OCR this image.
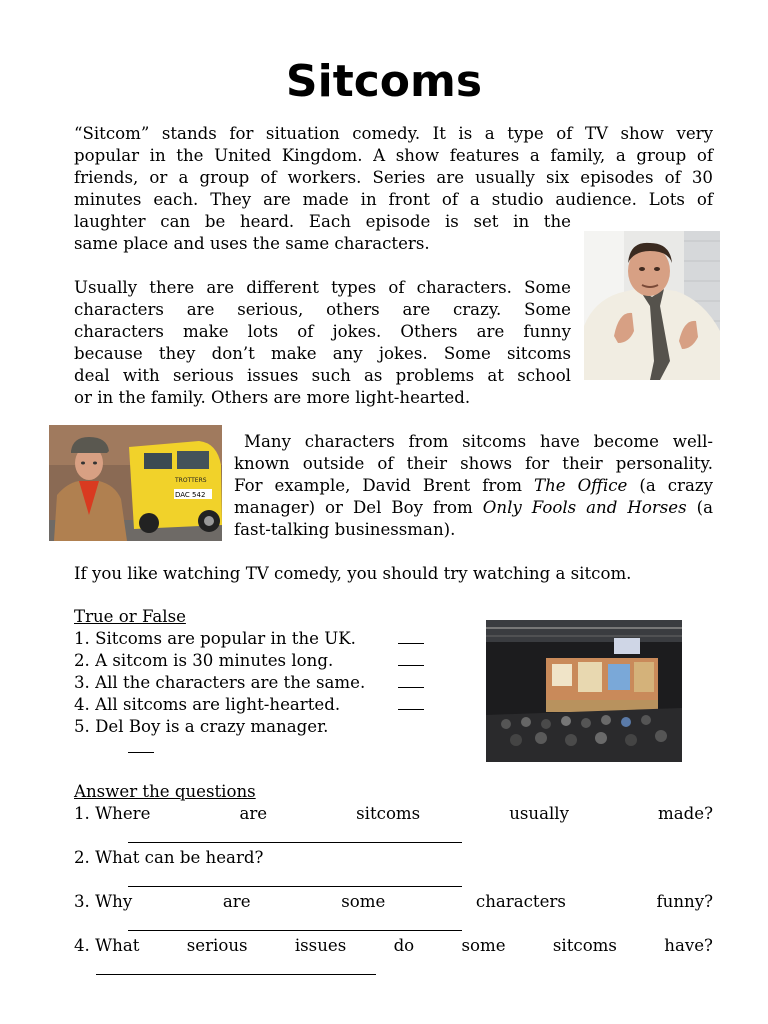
Sitcoms

“Sitcom” stands for situation comedy. It is a type of TV show very

popular in the United Kingdom. A show features a family, a group of

friends, or a group of workers. Series are usually six episodes of 30

minutes each. They are made in front of a studio audience. Lots of

laughter can be heard. Each episode is set in the

same place and uses the same characters.

Usually there are different types of characters. Some

characters are serious, others are crazy. Some

characters make lots of jokes. Others are funny

because they don’t make any jokes. Some sitcoms

deal with serious issues such as problems at school

or in the family. Others are more light-hearted.

TROTTERS
DAC 542

Many characters from sitcoms have become well-

known outside of their shows for their personality.

For example, David Brent from The Office (a crazy

manager) or Del Boy from Only Fools and Horses (a

fast-talking businessman).

If you like watching TV comedy, you should try watching a sitcom.

True or False

1. Sitcoms are popular in the UK.
2. A sitcom is 30 minutes long.
3. All the characters are the same.
4. All sitcoms are light-hearted.
5. Del Boy is a crazy manager.

Answer the questions

1. Where	are	sitcoms	usually	made?

2. What can be heard?

3. Why	are	some	characters	funny?
4. What	serious	issues	do	some	sitcoms	have?
